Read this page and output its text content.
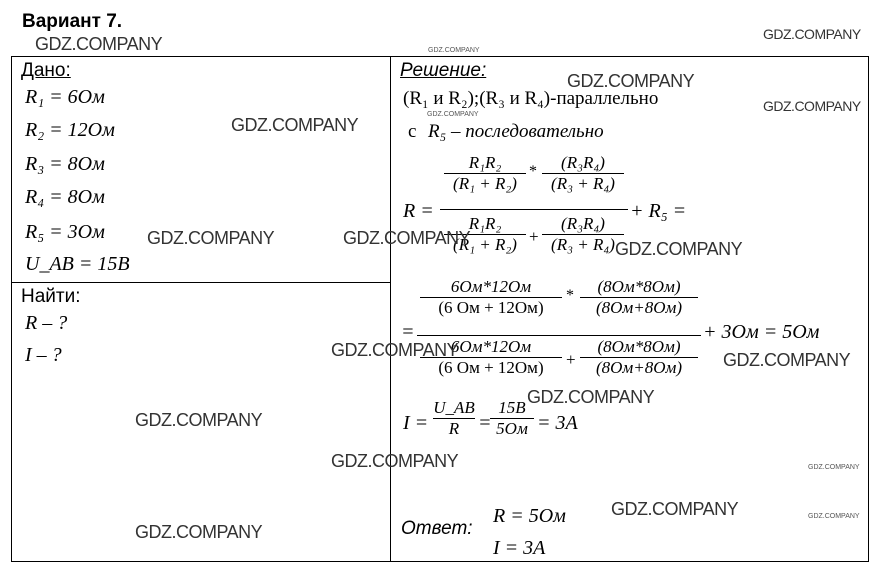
Вариант 7.
Дано:
R₁ = 6Ом
R₂ = 12Ом
R₃ = 8Ом
R₄ = 8Ом
R₅ = 3Ом
U_AB = 15B
Найти:
R – ?
I – ?
Решение:
(R₁ и R₂);(R₃ и R₄)-параллельно
с R₅ – последовательно
R =
R₁R₂
(R₁ + R₂)
* (R₃R₄)
(R₃ + R₄)
R₁R₂
(R₁ + R₂) +
(R₃R₄)
(R₃ + R₄)
+ R₅ =
=
6Ом*12Ом
(6 Ом + 12Ом)
* (8Ом*8Ом)
(8Ом+8Ом)
6Ом*12Ом
(6 Ом + 12Ом) +
(8Ом*8Ом)
(8Ом+8Ом)
+ 3Ом = 5Ом
I =
U_AB
R =
15B
5Ом = 3A
Ответ:
R = 5Ом
I = 3A
GDZ.COMPANY	GDZ.COMPANY
GDZ.COMPANY
GDZ.COMPANY
GDZ.COMPANY
GDZ.COMPANY
GDZ.COMPANY
GDZ.COMPANY	GDZ.COMPANY
GDZ.COMPANY
GDZ.COMPANY	GDZ.COMPANY
GDZ.COMPANY
GDZ.COMPANY
GDZ.COMPANY	GDZ.COMPANY
GDZ.COMPANY	GDZ.COMPANY
GDZ.COMPANY
